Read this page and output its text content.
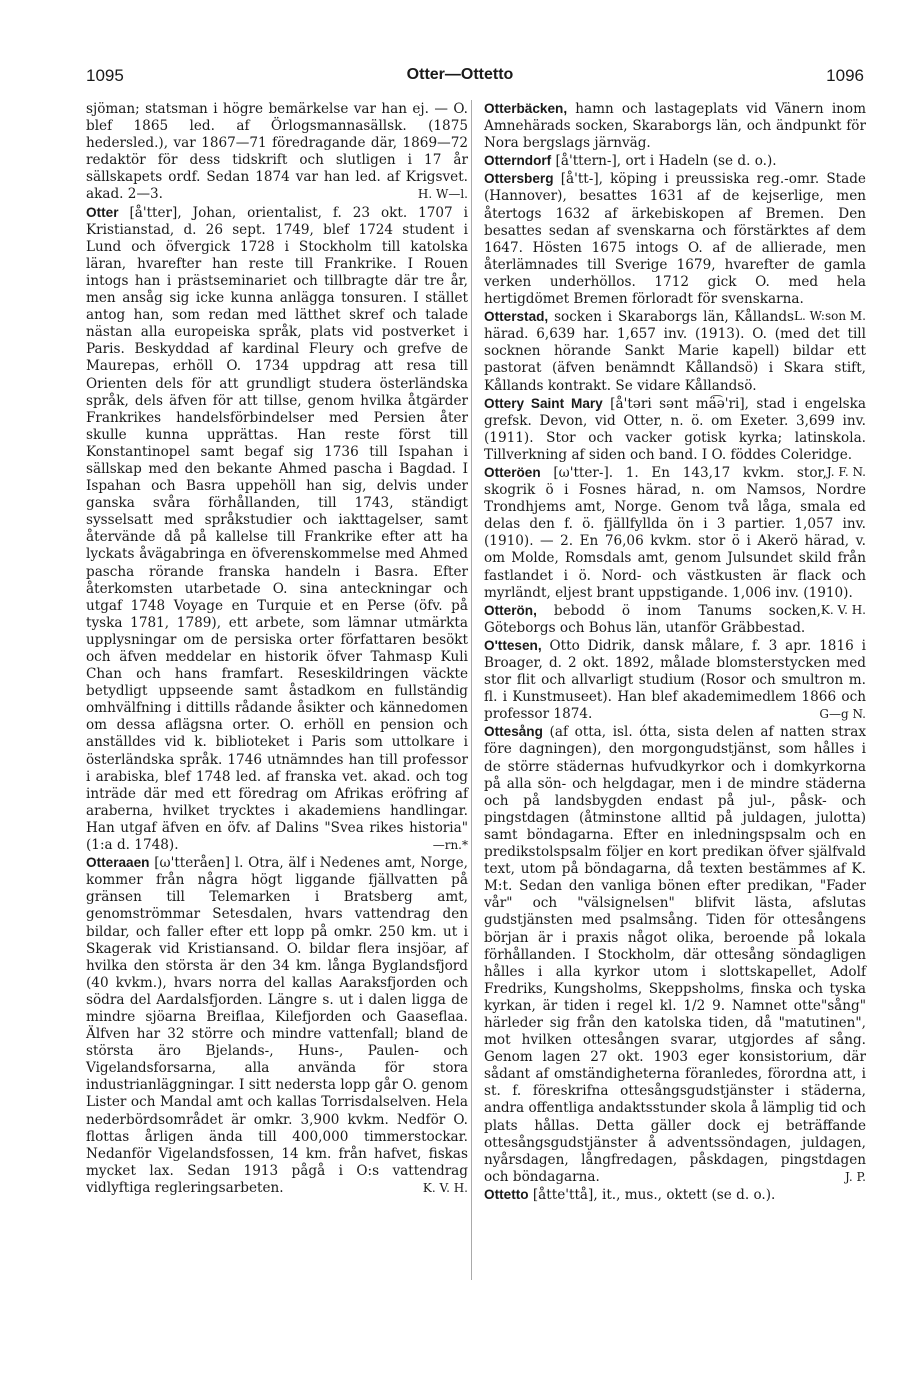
1095	Otter—Ottetto	1096

sjöman; statsman i högre bemärkelse var han ej. — O. blef 1865 led. af Örlogsmannasällsk. (1875 hedersled.), var 1867—71 föredragande där, 1869—72 redaktör för dess tidskrift och slutligen i 17 år sällskapets ordf. Sedan 1874 var han led. af Krigsvet. akad. 2—3.	H. W—l.

Otter [å'tter], Johan, orientalist, f. 23 okt. 1707 i Kristianstad, d. 26 sept. 1749, blef 1724 student i Lund och öfvergick 1728 i Stockholm till katolska läran, hvarefter han reste till Frankrike. I Rouen intogs han i prästseminariet och tillbragte där tre år, men ansåg sig icke kunna anlägga tonsuren. I stället antog han, som redan med lätthet skref och talade nästan alla europeiska språk, plats vid postverket i Paris. Beskyddad af kardinal Fleury och grefve de Maurepas, erhöll O. 1734 uppdrag att resa till Orienten dels för att grundligt studera österländska språk, dels äfven för att tillse, genom hvilka åtgärder Frankrikes handelsförbindelser med Persien åter skulle kunna upprättas. Han reste först till Konstantinopel samt begaf sig 1736 till Ispahan i sällskap med den bekante Ahmed pascha i Bagdad. I Ispahan och Basra uppehöll han sig, delvis under ganska svåra förhållanden, till 1743, ständigt sysselsatt med språkstudier och iakttagelser, samt återvände då på kallelse till Frankrike efter att ha lyckats åvägabringa en öfverenskommelse med Ahmed pascha rörande franska handeln i Basra. Efter återkomsten utarbetade O. sina anteckningar och utgaf 1748 Voyage en Turquie et en Perse (öfv. på tyska 1781, 1789), ett arbete, som lämnar utmärkta upplysningar om de persiska orter författaren besökt och äfven meddelar en historik öfver Tahmasp Kuli Chan och hans framfart. Reseskildringen väckte betydligt uppseende samt åstadkom en fullständig omhvälfning i dittills rådande åsikter och kännedomen om dessa aflägsna orter. O. erhöll en pension och anställdes vid k. biblioteket i Paris som uttolkare i österländska språk. 1746 utnämndes han till professor i arabiska, blef 1748 led. af franska vet. akad. och tog inträde där med ett föredrag om Afrikas eröfring af araberna, hvilket trycktes i akademiens handlingar. Han utgaf äfven en öfv. af Dalins "Svea rikes historia" (1:a d. 1748).	—rn.*

Otteraaen [ω'tteråen] l. Otra, älf i Nedenes amt, Norge, kommer från några högt liggande fjällvatten på gränsen till Telemarken i Bratsberg amt, genomströmmar Setesdalen, hvars vattendrag den bildar, och faller efter ett lopp på omkr. 250 km. ut i Skagerak vid Kristiansand. O. bildar flera insjöar, af hvilka den största är den 34 km. långa Byglandsfjord (40 kvkm.), hvars norra del kallas Aaraksfjorden och södra del Aardalsfjorden. Längre s. ut i dalen ligga de mindre sjöarna Breiflaa, Kilefjorden och Gaaseflaa. Älfven har 32 större och mindre vattenfall; bland de största äro Bjelands-, Huns-, Paulen- och Vigelandsforsarna, alla använda för stora industrianläggningar. I sitt nedersta lopp går O. genom Lister och Mandal amt och kallas Torrisdalselven. Hela nederbördsområdet är omkr. 3,900 kvkm. Nedför O. flottas årligen ända till 400,000 timmerstockar. Nedanför Vigelandsfossen, 14 km. från hafvet, fiskas mycket lax. Sedan 1913 pågå i O:s vattendrag vidlyftiga regleringsarbeten.	K. V. H.

Otterbäcken, hamn och lastageplats vid Vänern inom Amnehärads socken, Skaraborgs län, och ändpunkt för Nora bergslags järnväg.

Otterndorf [å'ttern-], ort i Hadeln (se d. o.).

Ottersberg [å'tt-], köping i preussiska reg.-omr. Stade (Hannover), besattes 1631 af de kejserlige, men återtogs 1632 af ärkebiskopen af Bremen. Den besattes sedan af svenskarna och förstärktes af dem 1647. Hösten 1675 intogs O. af de allierade, men återlämnades till Sverige 1679, hvarefter de gamla verken underhöllos. 1712 gick O. med hela hertigdömet Bremen förloradt för svenskarna.
L. W:son M.

Otterstad, socken i Skaraborgs län, Kållands härad. 6,639 har. 1,657 inv. (1913). O. (med det till socknen hörande Sankt Marie kapell) bildar ett pastorat (äfven benämndt Kållandsö) i Skara stift, Kållands kontrakt. Se vidare Kållandsö.

Ottery Saint Mary [å'təri sənt mä͡ə'ri], stad i engelska grefsk. Devon, vid Otter, n. ö. om Exeter. 3,699 inv. (1911). Stor och vacker gotisk kyrka; latinskola. Tillverkning af siden och band. I O. föddes Coleridge.
J. F. N.

Otteröen [ω'tter-]. 1. En 143,17 kvkm. stor, skogrik ö i Fosnes härad, n. om Namsos, Nordre Trondhjems amt, Norge. Genom två låga, smala ed delas den f. ö. fjällfyllda ön i 3 partier. 1,057 inv. (1910). — 2. En 76,06 kvkm. stor ö i Akerö härad, v. om Molde, Romsdals amt, genom Julsundet skild från fastlandet i ö. Nord- och västkusten är flack och myrländt, eljest brant uppstigande. 1,006 inv. (1910).
K. V. H.

Otterön, bebodd ö inom Tanums socken, Göteborgs och Bohus län, utanför Gräbbestad.

O'ttesen, Otto Didrik, dansk målare, f. 3 apr. 1816 i Broager, d. 2 okt. 1892, målade blomsterstycken med stor flit och allvarligt studium (Rosor och smultron m. fl. i Kunstmuseet). Han blef akademimedlem 1866 och professor 1874.	G—g N.

Ottesång (af otta, isl. ótta, sista delen af natten strax före dagningen), den morgongudstjänst, som hålles i de större städernas hufvudkyrkor och i domkyrkorna på alla sön- och helgdagar, men i de mindre städerna och på landsbygden endast på jul-, påsk- och pingstdagen (åtminstone alltid på juldagen, julotta) samt böndagarna. Efter en inledningspsalm och en predikstolspsalm följer en kort predikan öfver själfvald text, utom på böndagarna, då texten bestämmes af K. M:t. Sedan den vanliga bönen efter predikan, "Fader vår" och "välsignelsen" blifvit lästa, afslutas gudstjänsten med psalmsång. Tiden för ottesångens början är i praxis något olika, beroende på lokala förhållanden. I Stockholm, där ottesång söndagligen hålles i alla kyrkor utom i slottskapellet, Adolf Fredriks, Kungsholms, Skeppsholms, finska och tyska kyrkan, är tiden i regel kl. 1/2 9. Namnet otte"sång" härleder sig från den katolska tiden, då "matutinen", mot hvilken ottesången svarar, utgjordes af sång. Genom lagen 27 okt. 1903 eger konsistorium, där sådant af omständigheterna föranledes, förordna att, i st. f. föreskrifna ottesångsgudstjänster i städerna, andra offentliga andaktsstunder skola å lämplig tid och plats hållas. Detta gäller dock ej beträffande ottesångsgudstjänster å adventssöndagen, juldagen, nyårsdagen, långfredagen, påskdagen, pingstdagen och böndagarna.	J. P.

Ottetto [åtte'ttå], it., mus., oktett (se d. o.).
